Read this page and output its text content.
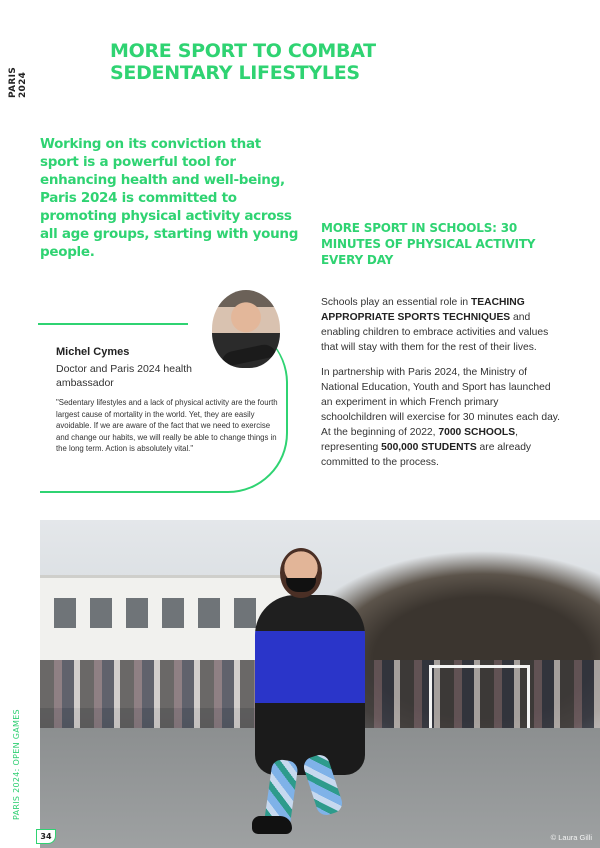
PARIS 2024
MORE SPORT TO COMBAT SEDENTARY LIFESTYLES
Working on its conviction that sport is a powerful tool for enhancing health and well-being, Paris 2024 is committed to promoting physical activity across all age groups, starting with young people.
MORE SPORT IN SCHOOLS: 30 MINUTES OF PHYSICAL ACTIVITY EVERY DAY

Schools play an essential role in TEACHING APPROPRIATE SPORTS TECHNIQUES and enabling children to embrace activities and values that will stay with them for the rest of their lives.

In partnership with Paris 2024, the Ministry of National Education, Youth and Sport has launched an experiment in which French primary schoolchildren will exercise for 30 minutes each day. At the beginning of 2022, 7000 SCHOOLS, representing 500,000 STUDENTS are already committed to the process.

Michel Cymes
Doctor and Paris 2024 health ambassador
"Sedentary lifestyles and a lack of physical activity are the fourth largest cause of mortality in the world. Yet, they are easily avoidable. If we are aware of the fact that we need to exercise and change our habits, we will really be able to change things in the long term. Action is absolutely vital."
© Laura Gilli
PARIS 2024: OPEN GAMES
34
